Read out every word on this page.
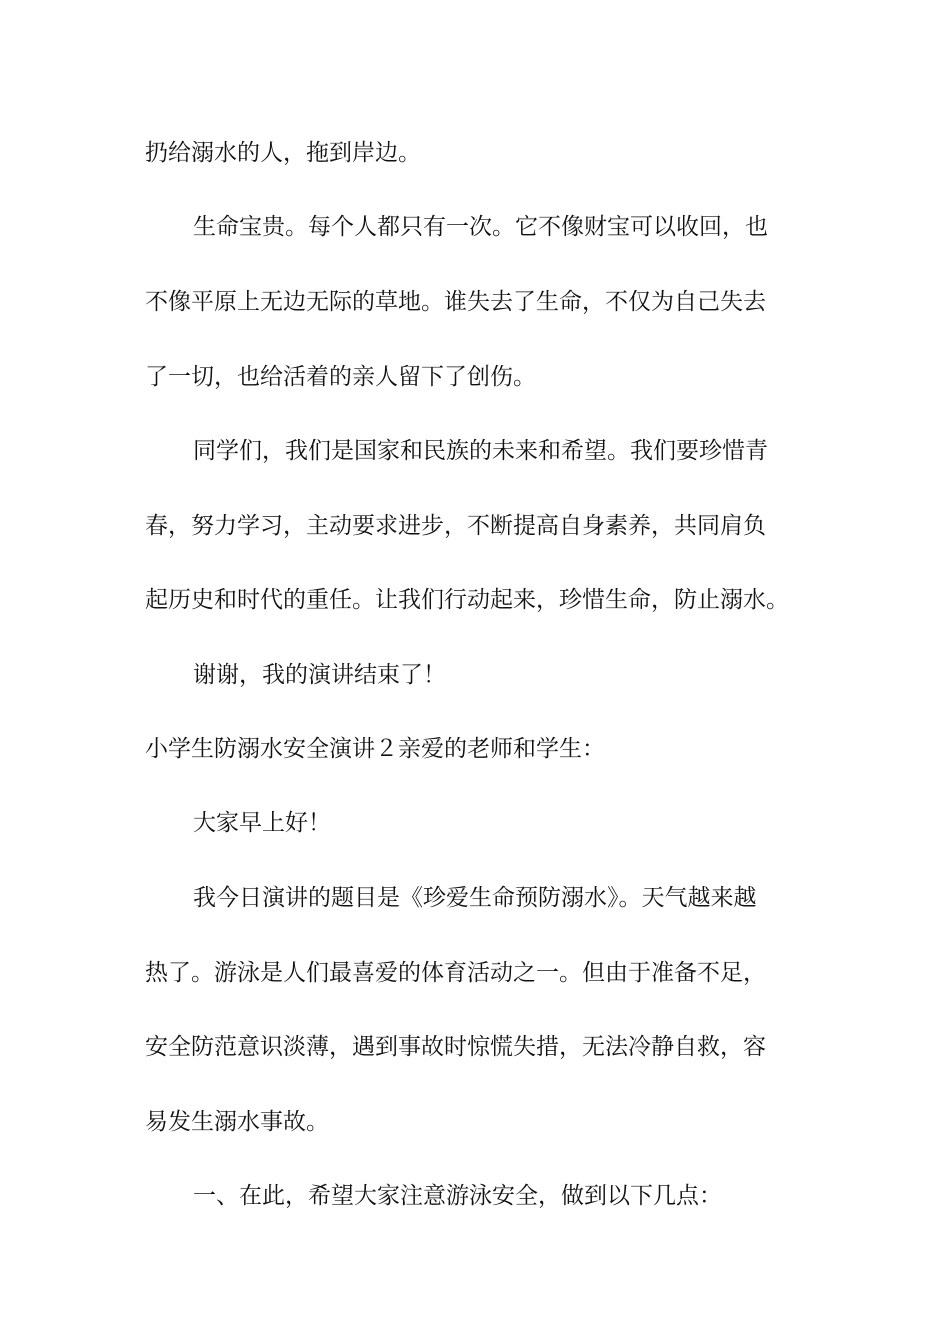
扔给溺水的人，拖到岸边。

生命宝贵。每个人都只有一次。它不像财宝可以收回，也

不像平原上无边无际的草地。谁失去了生命，不仅为自己失去

了一切，也给活着的亲人留下了创伤。

同学们，我们是国家和民族的未来和希望。我们要珍惜青

春，努力学习，主动要求进步，不断提高自身素养，共同肩负

起历史和时代的重任。让我们行动起来，珍惜生命，防止溺水。

谢谢，我的演讲结束了！

小学生防溺水安全演讲２亲爱的老师和学生：

大家早上好！

我今日演讲的题目是《珍爱生命预防溺水》。天气越来越

热了。游泳是人们最喜爱的体育活动之一。但由于准备不足，

安全防范意识淡薄，遇到事故时惊慌失措，无法冷静自救，容

易发生溺水事故。

一、在此，希望大家注意游泳安全，做到以下几点：
